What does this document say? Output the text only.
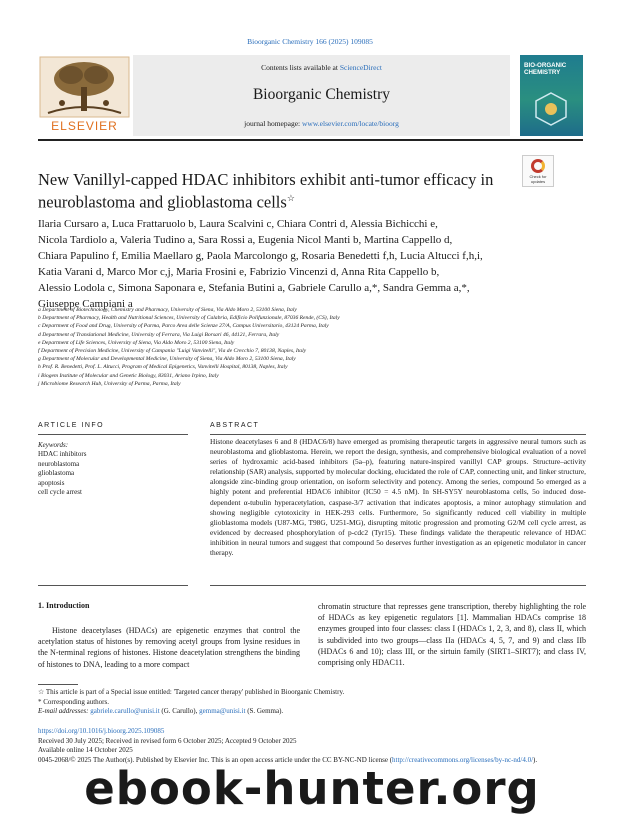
Bioorganic Chemistry 166 (2025) 109085
ELSEVIER
Contents lists available at ScienceDirect
Bioorganic Chemistry
journal homepage: www.elsevier.com/locate/bioorg
BIO-ORGANIC CHEMISTRY
New Vanillyl-capped HDAC inhibitors exhibit anti-tumor efficacy in neuroblastoma and glioblastoma cells☆
Check for updates
Ilaria Cursaro a, Luca Frattaruolo b, Laura Scalvini c, Chiara Contri d, Alessia Bichicchi e,
Nicola Tardiolo a, Valeria Tudino a, Sara Rossi a, Eugenia Nicol Manti b, Martina Cappello d,
Chiara Papulino f, Emilia Maellaro g, Paola Marcolongo g, Rosaria Benedetti f,h, Lucia Altucci f,h,i,
Katia Varani d, Marco Mor c,j, Maria Frosini e, Fabrizio Vincenzi d, Anna Rita Cappello b,
Alessio Lodola c, Simona Saponara e, Stefania Butini a, Gabriele Carullo a,*, Sandra Gemma a,*,
Giuseppe Campiani a
a Department of Biotechnology, Chemistry and Pharmacy, University of Siena, Via Aldo Moro 2, 53100 Siena, Italy
b Department of Pharmacy, Health and Nutritional Sciences, University of Calabria, Edificio Polifunzionale, 87036 Rende, (CS), Italy
c Department of Food and Drug, University of Parma, Parco Area delle Scienze 27/A, Campus Universitario, 43124 Parma, Italy
d Department of Translational Medicine, University of Ferrara, Via Luigi Borsari 46, 44121, Ferrara, Italy
e Department of Life Sciences, University of Siena, Via Aldo Moro 2, 53100 Siena, Italy
f Department of Precision Medicine, University of Campania "Luigi Vanvitelli", Via de Crecchio 7, 80138, Naples, Italy
g Department of Molecular and Developmental Medicine, University of Siena, Via Aldo Moro 2, 53100 Siena, Italy
h Prof. R. Benedetti, Prof. L. Altucci, Program of Medical Epigenetics, Vanvitelli Hospital, 80138, Naples, Italy
i Biogem Institute of Molecular and Genetic Biology, 83031, Ariano Irpino, Italy
j Microbiome Research Hub, University of Parma, Parma, Italy
ARTICLE INFO	ABSTRACT
Keywords:
HDAC inhibitors
neuroblastoma
glioblastoma
apoptosis
cell cycle arrest
Histone deacetylases 6 and 8 (HDAC6/8) have emerged as promising therapeutic targets in aggressive neural tumors such as neuroblastoma and glioblastoma. Herein, we report the design, synthesis, and comprehensive biological evaluation of a novel series of hydroxamic acid-based inhibitors (5a–p), featuring nature-inspired vanillyl CAP groups. Structure–activity relationship (SAR) analysis, supported by molecular docking, elucidated the role of CAP, connecting unit, and linker structure, alongside zinc-binding group orientation, on isoform selectivity and potency. Among the series, compound 5o emerged as a highly potent and preferential HDAC6 inhibitor (IC50 = 4.5 nM). In SH-SY5Y neuroblastoma cells, 5o induced dose-dependent α-tubulin hyperacetylation, caspase-3/7 activation that indicates apoptosis, a minor autophagy stimulation and showing negligible cytotoxicity in HEK-293 cells. Furthermore, 5o significantly reduced cell viability in multiple glioblastoma models (U87-MG, T98G, U251-MG), disrupting mitotic progression and promoting G2/M cell cycle arrest, as evidenced by decreased phosphorylation of p-cdc2 (Tyr15). These findings validate the therapeutic relevance of HDAC inhibition in neural tumors and suggest that compound 5o deserves further investigation as an epigenetic modulator in cancer therapy.
1. Introduction
Histone deacetylases (HDACs) are epigenetic enzymes that control the acetylation status of histones by removing acetyl groups from lysine residues in the N-terminal regions of histones. Histone deacetylation strengthens the binding of histones to DNA, leading to a more compact
chromatin structure that represses gene transcription, thereby highlighting the role of HDACs as key epigenetic regulators [1]. Mammalian HDACs comprise 18 enzymes grouped into four classes: class I (HDACs 1, 2, 3, and 8), class II, which is subdivided into two groups—class IIa (HDACs 4, 5, 7, and 9) and class IIb (HDACs 6 and 10); class III, or the sirtuin family (SIRT1–SIRT7); and class IV, comprising only HDAC11.
☆ This article is part of a Special issue entitled: 'Targeted cancer therapy' published in Bioorganic Chemistry.
* Corresponding authors.
E-mail addresses: gabriele.carullo@unisi.it (G. Carullo), gemma@unisi.it (S. Gemma).
https://doi.org/10.1016/j.bioorg.2025.109085
Received 30 July 2025; Received in revised form 6 October 2025; Accepted 9 October 2025
Available online 14 October 2025
0045-2068/© 2025 The Author(s). Published by Elsevier Inc. This is an open access article under the CC BY-NC-ND license (http://creativecommons.org/licenses/by-nc-nd/4.0/).
ebook-hunter.org
